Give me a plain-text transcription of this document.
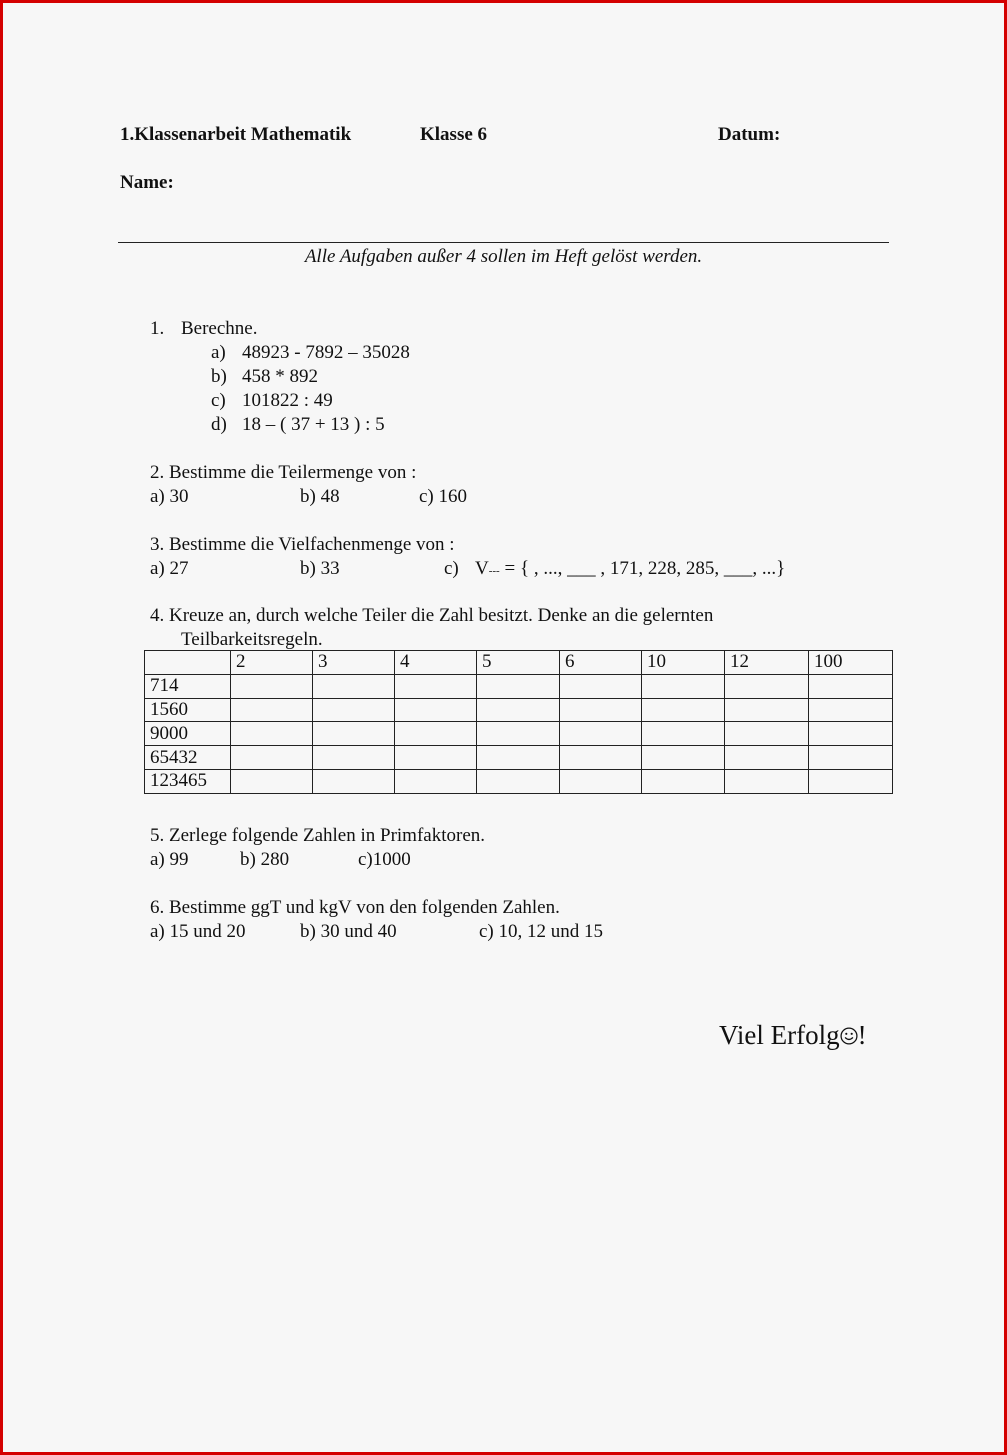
1.Klassenarbeit Mathematik	Klasse 6	Datum:
Name:
Alle Aufgaben außer 4 sollen im Heft gelöst werden.
1. Berechne.
a) 48923 - 7892 – 35028
b) 458 * 892
c) 101822 : 49
d) 18 – ( 37 + 13 ) : 5
2. Bestimme die Teilermenge von :
a) 30	b) 48	c) 160
3. Bestimme die Vielfachenmenge von :
a) 27	b) 33	c) V--- = { , ..., ___ , 171, 228, 285, ___, ...}
4. Kreuze an, durch welche Teiler die Zahl besitzt. Denke an die gelernten
Teilbarkeitsregeln.
	2	3	4	5	6	10	12	100
714								
1560								
9000								
65432								
123465								
5. Zerlege folgende Zahlen in Primfaktoren.
a) 99	b) 280	c)1000
6. Bestimme ggT und kgV von den folgenden Zahlen.
a) 15 und 20	b) 30 und 40	c) 10, 12 und 15
Viel Erfolg !
